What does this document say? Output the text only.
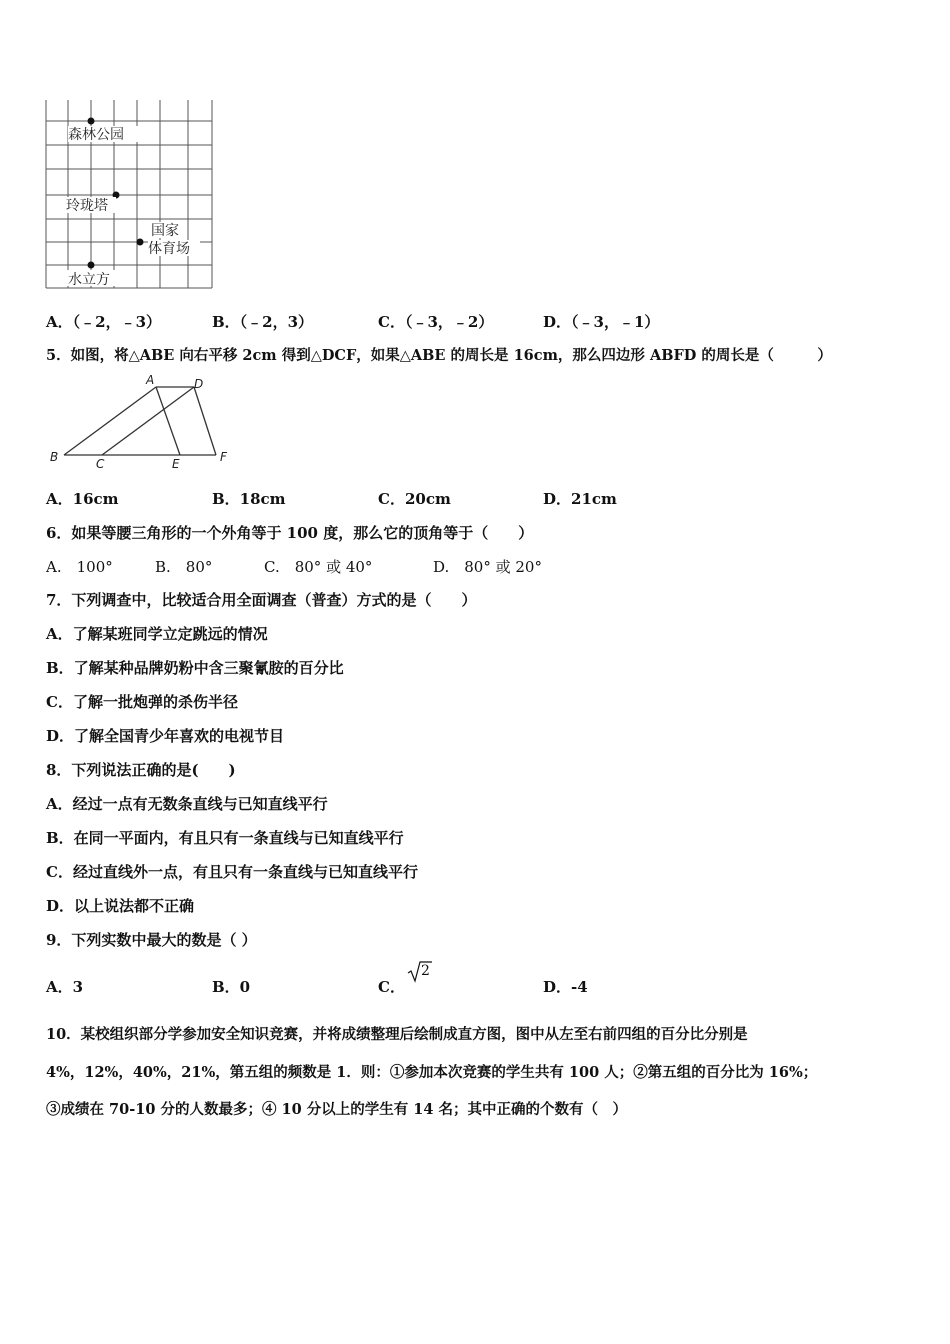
森林公园
玲珑塔
国家
体育场
水立方
A．（﹣2，﹣3）	B．（﹣2，3）	C．（﹣3，﹣2）	D．（﹣3，﹣1）
5．如图，将△ABE 向右平移 2cm 得到△DCF，如果△ABE 的周长是 16cm，那么四边形 ABFD 的周长是（　　　）
A	D
B	C	E	F
A．16cm	B．18cm	C．20cm	D．21cm
6．如果等腰三角形的一个外角等于 100 度，那么它的顶角等于（　　）
A.　100°	B.　80°	C.　80° 或 40°	D.　80° 或 20°
7．下列调查中，比较适合用全面调查（普查）方式的是（　　）
A．了解某班同学立定跳远的情况
B．了解某种品牌奶粉中含三聚氰胺的百分比
C．了解一批炮弹的杀伤半径
D．了解全国青少年喜欢的电视节目
8．下列说法正确的是(　　)
A．经过一点有无数条直线与已知直线平行
B．在同一平面内，有且只有一条直线与已知直线平行
C．经过直线外一点，有且只有一条直线与已知直线平行
D．以上说法都不正确
9．下列实数中最大的数是（ ）
A．3	B．0	C．
2
D．-4
10．某校组织部分学参加安全知识竞赛，并将成绩整理后绘制成直方图，图中从左至右前四组的百分比分别是
4%，12%，40%，21%，第五组的频数是 1．则：①参加本次竞赛的学生共有 100 人；②第五组的百分比为 16%；
③成绩在 70-10 分的人数最多；④ 10 分以上的学生有 14 名；其中正确的个数有（　）
